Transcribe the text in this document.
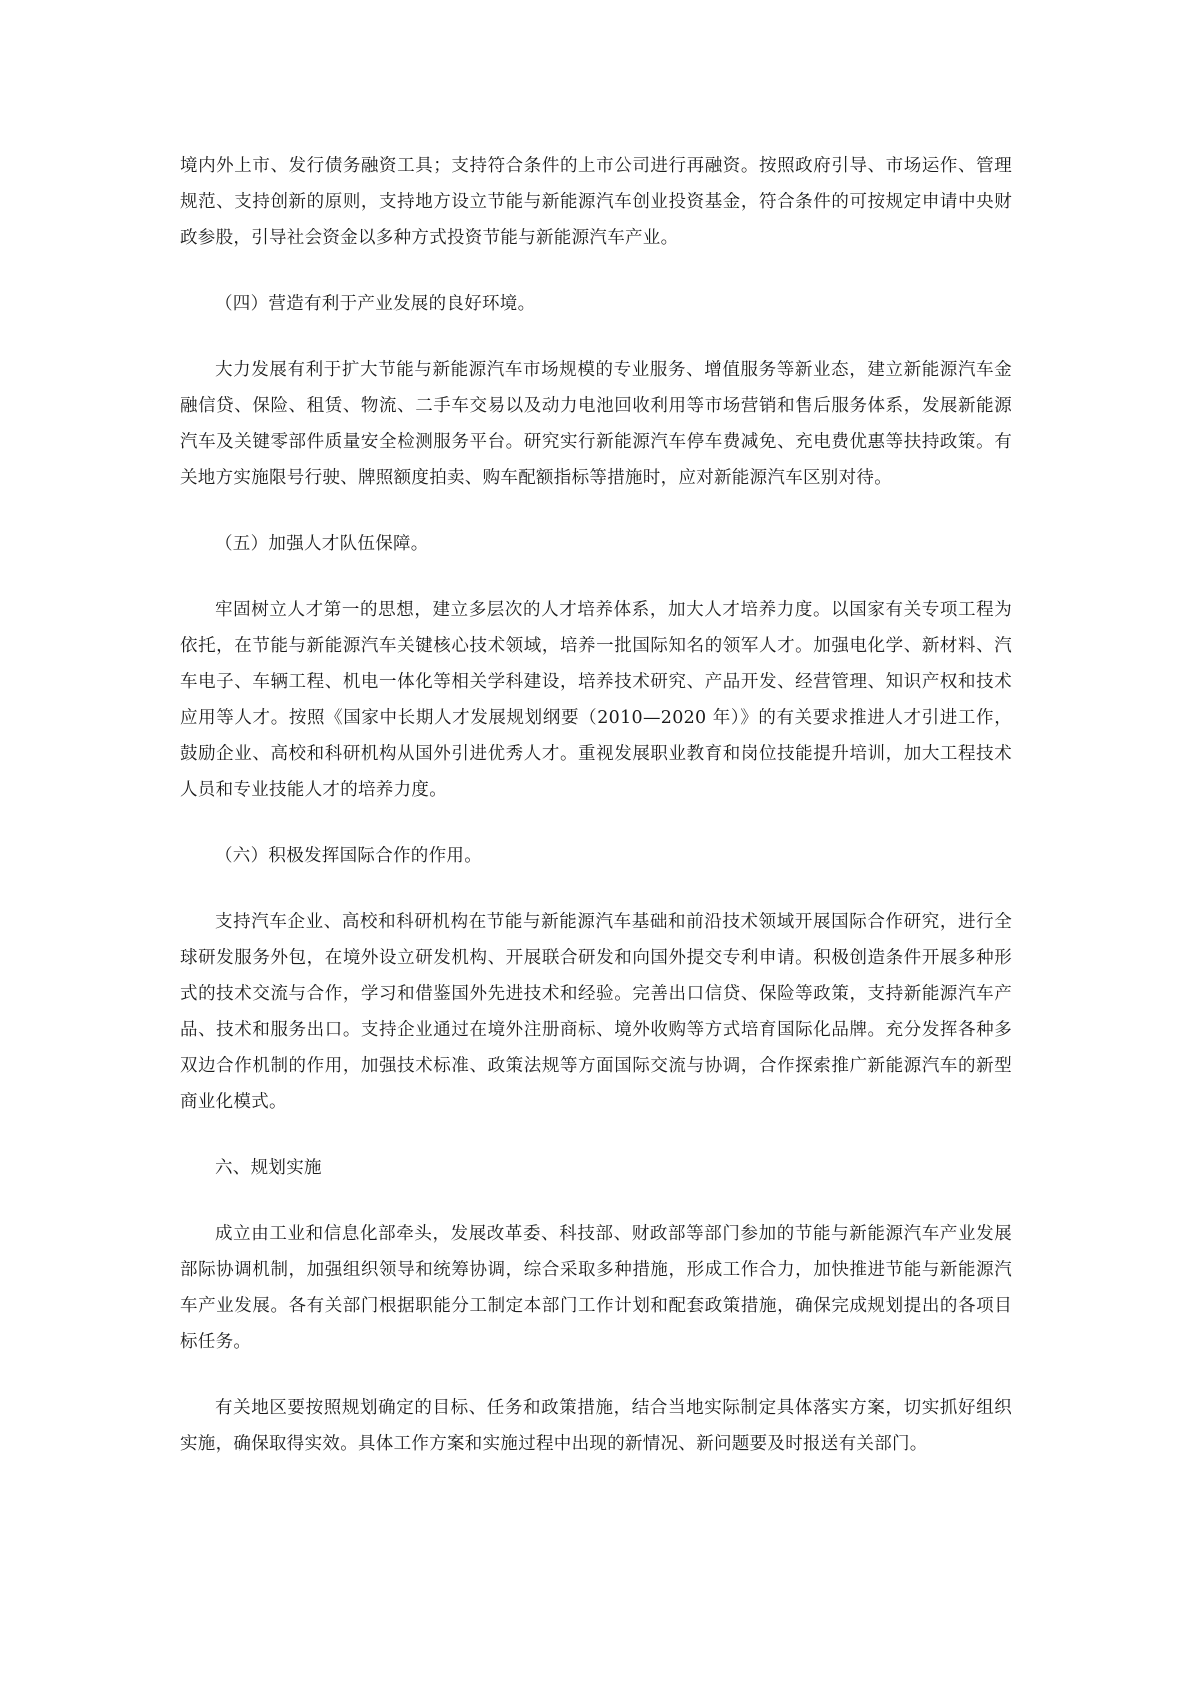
境内外上市、发行债务融资工具；支持符合条件的上市公司进行再融资。按照政府引导、市场运作、管理规范、支持创新的原则，支持地方设立节能与新能源汽车创业投资基金，符合条件的可按规定申请中央财政参股，引导社会资金以多种方式投资节能与新能源汽车产业。

（四）营造有利于产业发展的良好环境。

大力发展有利于扩大节能与新能源汽车市场规模的专业服务、增值服务等新业态，建立新能源汽车金融信贷、保险、租赁、物流、二手车交易以及动力电池回收利用等市场营销和售后服务体系，发展新能源汽车及关键零部件质量安全检测服务平台。研究实行新能源汽车停车费减免、充电费优惠等扶持政策。有关地方实施限号行驶、牌照额度拍卖、购车配额指标等措施时，应对新能源汽车区别对待。

（五）加强人才队伍保障。

牢固树立人才第一的思想，建立多层次的人才培养体系，加大人才培养力度。以国家有关专项工程为依托，在节能与新能源汽车关键核心技术领域，培养一批国际知名的领军人才。加强电化学、新材料、汽车电子、车辆工程、机电一体化等相关学科建设，培养技术研究、产品开发、经营管理、知识产权和技术应用等人才。按照《国家中长期人才发展规划纲要（2010—2020 年）》的有关要求推进人才引进工作，鼓励企业、高校和科研机构从国外引进优秀人才。重视发展职业教育和岗位技能提升培训，加大工程技术人员和专业技能人才的培养力度。

（六）积极发挥国际合作的作用。

支持汽车企业、高校和科研机构在节能与新能源汽车基础和前沿技术领域开展国际合作研究，进行全球研发服务外包，在境外设立研发机构、开展联合研发和向国外提交专利申请。积极创造条件开展多种形式的技术交流与合作，学习和借鉴国外先进技术和经验。完善出口信贷、保险等政策，支持新能源汽车产品、技术和服务出口。支持企业通过在境外注册商标、境外收购等方式培育国际化品牌。充分发挥各种多双边合作机制的作用，加强技术标准、政策法规等方面国际交流与协调，合作探索推广新能源汽车的新型商业化模式。

六、规划实施

成立由工业和信息化部牵头，发展改革委、科技部、财政部等部门参加的节能与新能源汽车产业发展部际协调机制，加强组织领导和统筹协调，综合采取多种措施，形成工作合力，加快推进节能与新能源汽车产业发展。各有关部门根据职能分工制定本部门工作计划和配套政策措施，确保完成规划提出的各项目标任务。

有关地区要按照规划确定的目标、任务和政策措施，结合当地实际制定具体落实方案，切实抓好组织实施，确保取得实效。具体工作方案和实施过程中出现的新情况、新问题要及时报送有关部门。
